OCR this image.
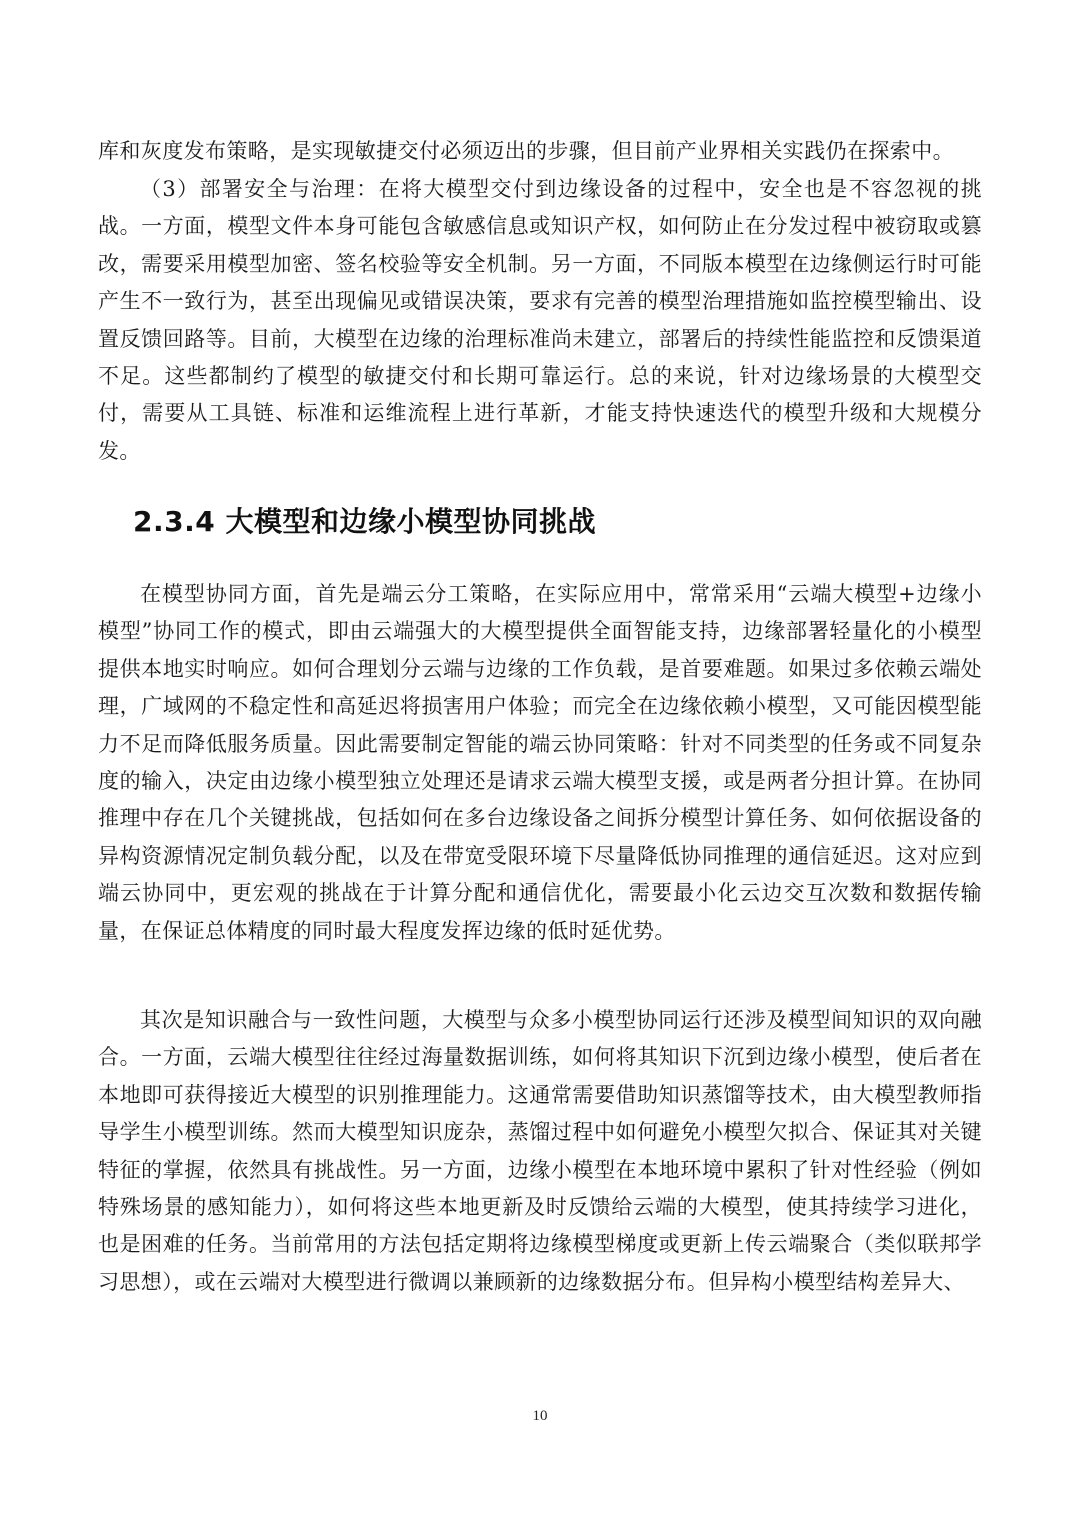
库和灰度发布策略，是实现敏捷交付必须迈出的步骤，但目前产业界相关实践仍在探索中。

（3）部署安全与治理：在将大模型交付到边缘设备的过程中，安全也是不容忽视的挑战。一方面，模型文件本身可能包含敏感信息或知识产权，如何防止在分发过程中被窃取或篡改，需要采用模型加密、签名校验等安全机制。另一方面，不同版本模型在边缘侧运行时可能产生不一致行为，甚至出现偏见或错误决策，要求有完善的模型治理措施如监控模型输出、设置反馈回路等。目前，大模型在边缘的治理标准尚未建立，部署后的持续性能监控和反馈渠道不足。这些都制约了模型的敏捷交付和长期可靠运行。总的来说，针对边缘场景的大模型交付，需要从工具链、标准和运维流程上进行革新，才能支持快速迭代的模型升级和大规模分发。

2.3.4 大模型和边缘小模型协同挑战

在模型协同方面，首先是端云分工策略，在实际应用中，常常采用“云端大模型+边缘小模型”协同工作的模式，即由云端强大的大模型提供全面智能支持，边缘部署轻量化的小模型提供本地实时响应。如何合理划分云端与边缘的工作负载，是首要难题。如果过多依赖云端处理，广域网的不稳定性和高延迟将损害用户体验；而完全在边缘依赖小模型，又可能因模型能力不足而降低服务质量。因此需要制定智能的端云协同策略：针对不同类型的任务或不同复杂度的输入，决定由边缘小模型独立处理还是请求云端大模型支援，或是两者分担计算。在协同推理中存在几个关键挑战，包括如何在多台边缘设备之间拆分模型计算任务、如何依据设备的异构资源情况定制负载分配，以及在带宽受限环境下尽量降低协同推理的通信延迟。这对应到端云协同中，更宏观的挑战在于计算分配和通信优化，需要最小化云边交互次数和数据传输量，在保证总体精度的同时最大程度发挥边缘的低时延优势。

其次是知识融合与一致性问题，大模型与众多小模型协同运行还涉及模型间知识的双向融合。一方面，云端大模型往往经过海量数据训练，如何将其知识下沉到边缘小模型，使后者在本地即可获得接近大模型的识别推理能力。这通常需要借助知识蒸馏等技术，由大模型教师指导学生小模型训练。然而大模型知识庞杂，蒸馏过程中如何避免小模型欠拟合、保证其对关键特征的掌握，依然具有挑战性。另一方面，边缘小模型在本地环境中累积了针对性经验（例如特殊场景的感知能力），如何将这些本地更新及时反馈给云端的大模型，使其持续学习进化，也是困难的任务。当前常用的方法包括定期将边缘模型梯度或更新上传云端聚合（类似联邦学习思想），或在云端对大模型进行微调以兼顾新的边缘数据分布。但异构小模型结构差异大、

10
